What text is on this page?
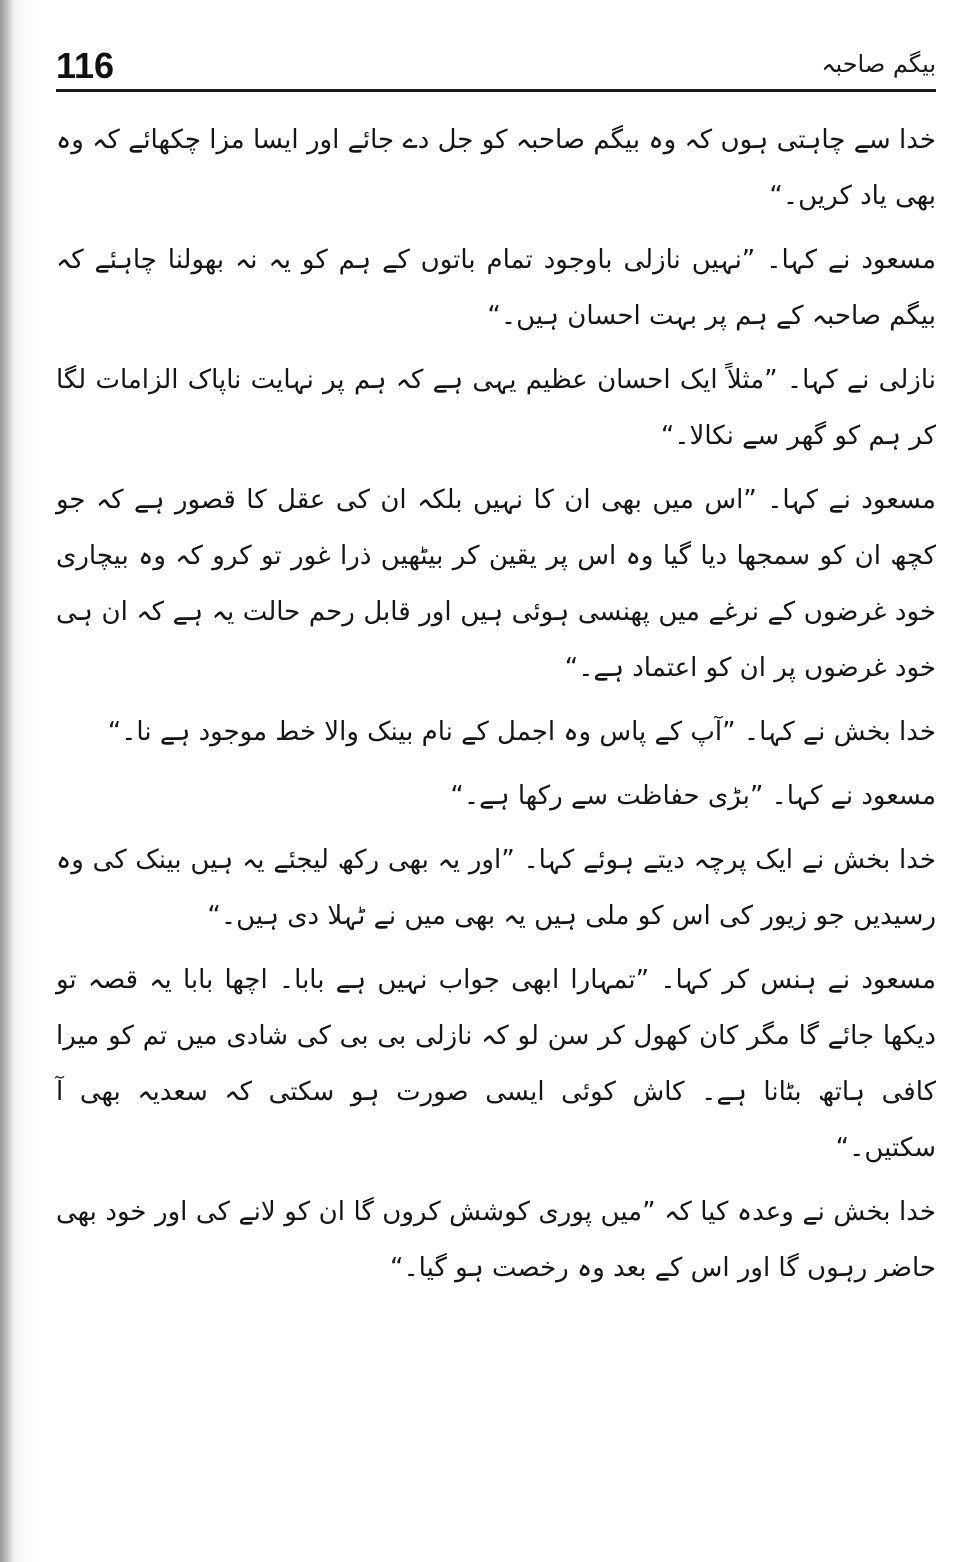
116	بیگم صاحبہ

خدا سے چاہتی ہوں کہ وہ بیگم صاحبہ کو جل دے جائے اور ایسا مزا چکھائے کہ وہ بھی یاد کریں۔“

مسعود نے کہا۔ ”نہیں نازلی باوجود تمام باتوں کے ہم کو یہ نہ بھولنا چاہئے کہ بیگم صاحبہ کے ہم پر بہت احسان ہیں۔“

نازلی نے کہا۔ ”مثلاً ایک احسان عظیم یہی ہے کہ ہم پر نہایت ناپاک الزامات لگا کر ہم کو گھر سے نکالا۔“

مسعود نے کہا۔ ”اس میں بھی ان کا نہیں بلکہ ان کی عقل کا قصور ہے کہ جو کچھ ان کو سمجھا دیا گیا وہ اس پر یقین کر بیٹھیں ذرا غور تو کرو کہ وہ بیچاری خود غرضوں کے نرغے میں پھنسی ہوئی ہیں اور قابل رحم حالت یہ ہے کہ ان ہی خود غرضوں پر ان کو اعتماد ہے۔“

خدا بخش نے کہا۔ ”آپ کے پاس وہ اجمل کے نام بینک والا خط موجود ہے نا۔“

مسعود نے کہا۔ ”بڑی حفاظت سے رکھا ہے۔“

خدا بخش نے ایک پرچہ دیتے ہوئے کہا۔ ”اور یہ بھی رکھ لیجئے یہ ہیں بینک کی وہ رسیدیں جو زیور کی اس کو ملی ہیں یہ بھی میں نے ٹہلا دی ہیں۔“

مسعود نے ہنس کر کہا۔ ”تمہارا ابھی جواب نہیں ہے بابا۔ اچھا بابا یہ قصہ تو دیکھا جائے گا مگر کان کھول کر سن لو کہ نازلی بی بی کی شادی میں تم کو میرا کافی ہاتھ بٹانا ہے۔ کاش کوئی ایسی صورت ہو سکتی کہ سعدیہ بھی آ سکتیں۔“

خدا بخش نے وعدہ کیا کہ ”میں پوری کوشش کروں گا ان کو لانے کی اور خود بھی حاضر رہوں گا اور اس کے بعد وہ رخصت ہو گیا۔“
